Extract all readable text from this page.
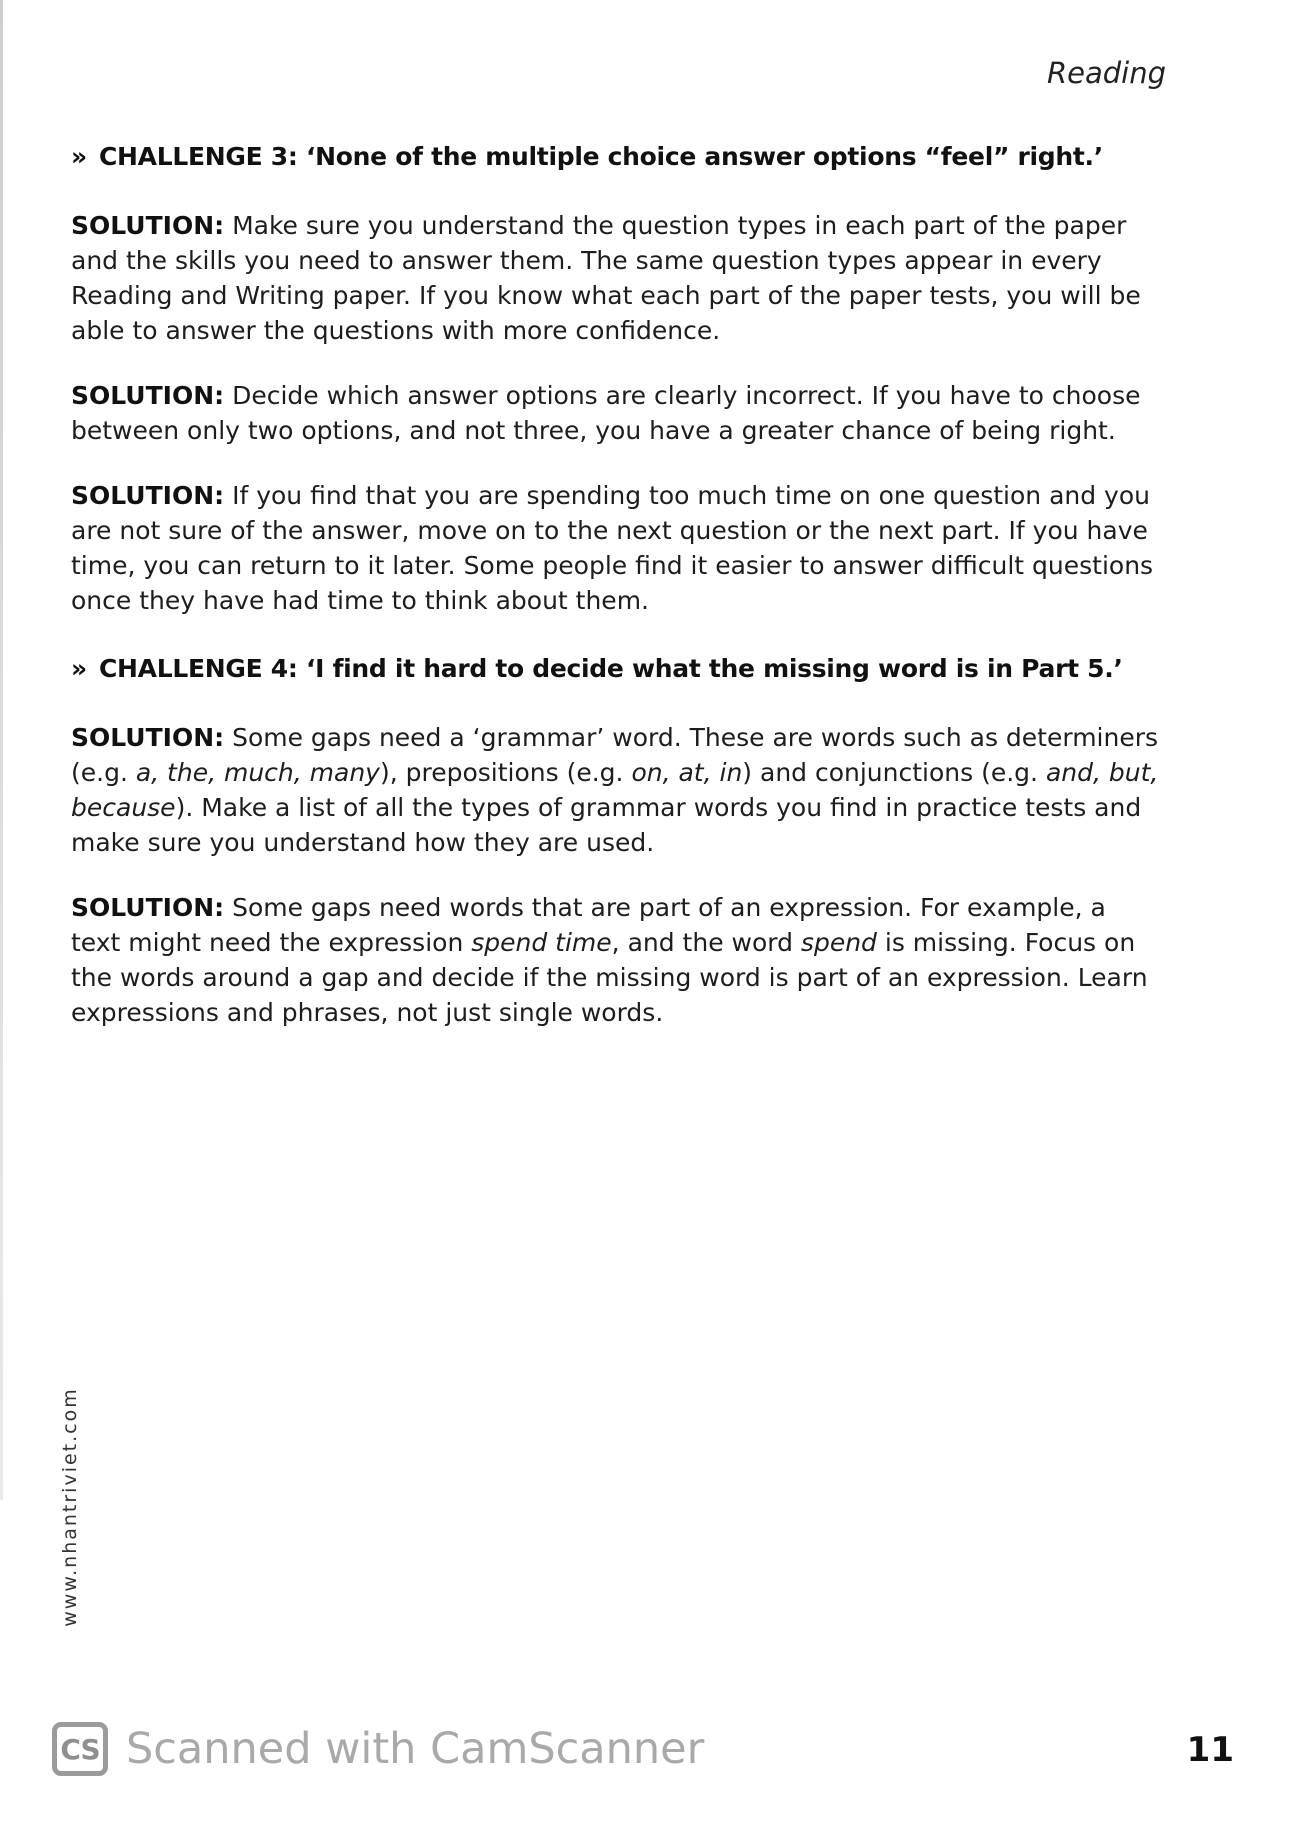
Reading

» CHALLENGE 3: ‘None of the multiple choice answer options “feel” right.’

SOLUTION: Make sure you understand the question types in each part of the paper and the skills you need to answer them. The same question types appear in every Reading and Writing paper. If you know what each part of the paper tests, you will be able to answer the questions with more confidence.

SOLUTION: Decide which answer options are clearly incorrect. If you have to choose between only two options, and not three, you have a greater chance of being right.

SOLUTION: If you find that you are spending too much time on one question and you are not sure of the answer, move on to the next question or the next part. If you have time, you can return to it later. Some people find it easier to answer difficult questions once they have had time to think about them.

» CHALLENGE 4: ‘I find it hard to decide what the missing word is in Part 5.’

SOLUTION: Some gaps need a ‘grammar’ word. These are words such as determiners (e.g. a, the, much, many), prepositions (e.g. on, at, in) and conjunctions (e.g. and, but, because). Make a list of all the types of grammar words you find in practice tests and make sure you understand how they are used.

SOLUTION: Some gaps need words that are part of an expression. For example, a text might need the expression spend time, and the word spend is missing. Focus on the words around a gap and decide if the missing word is part of an expression. Learn expressions and phrases, not just single words.

www.nhantriviet.com
CS Scanned with CamScanner	11
